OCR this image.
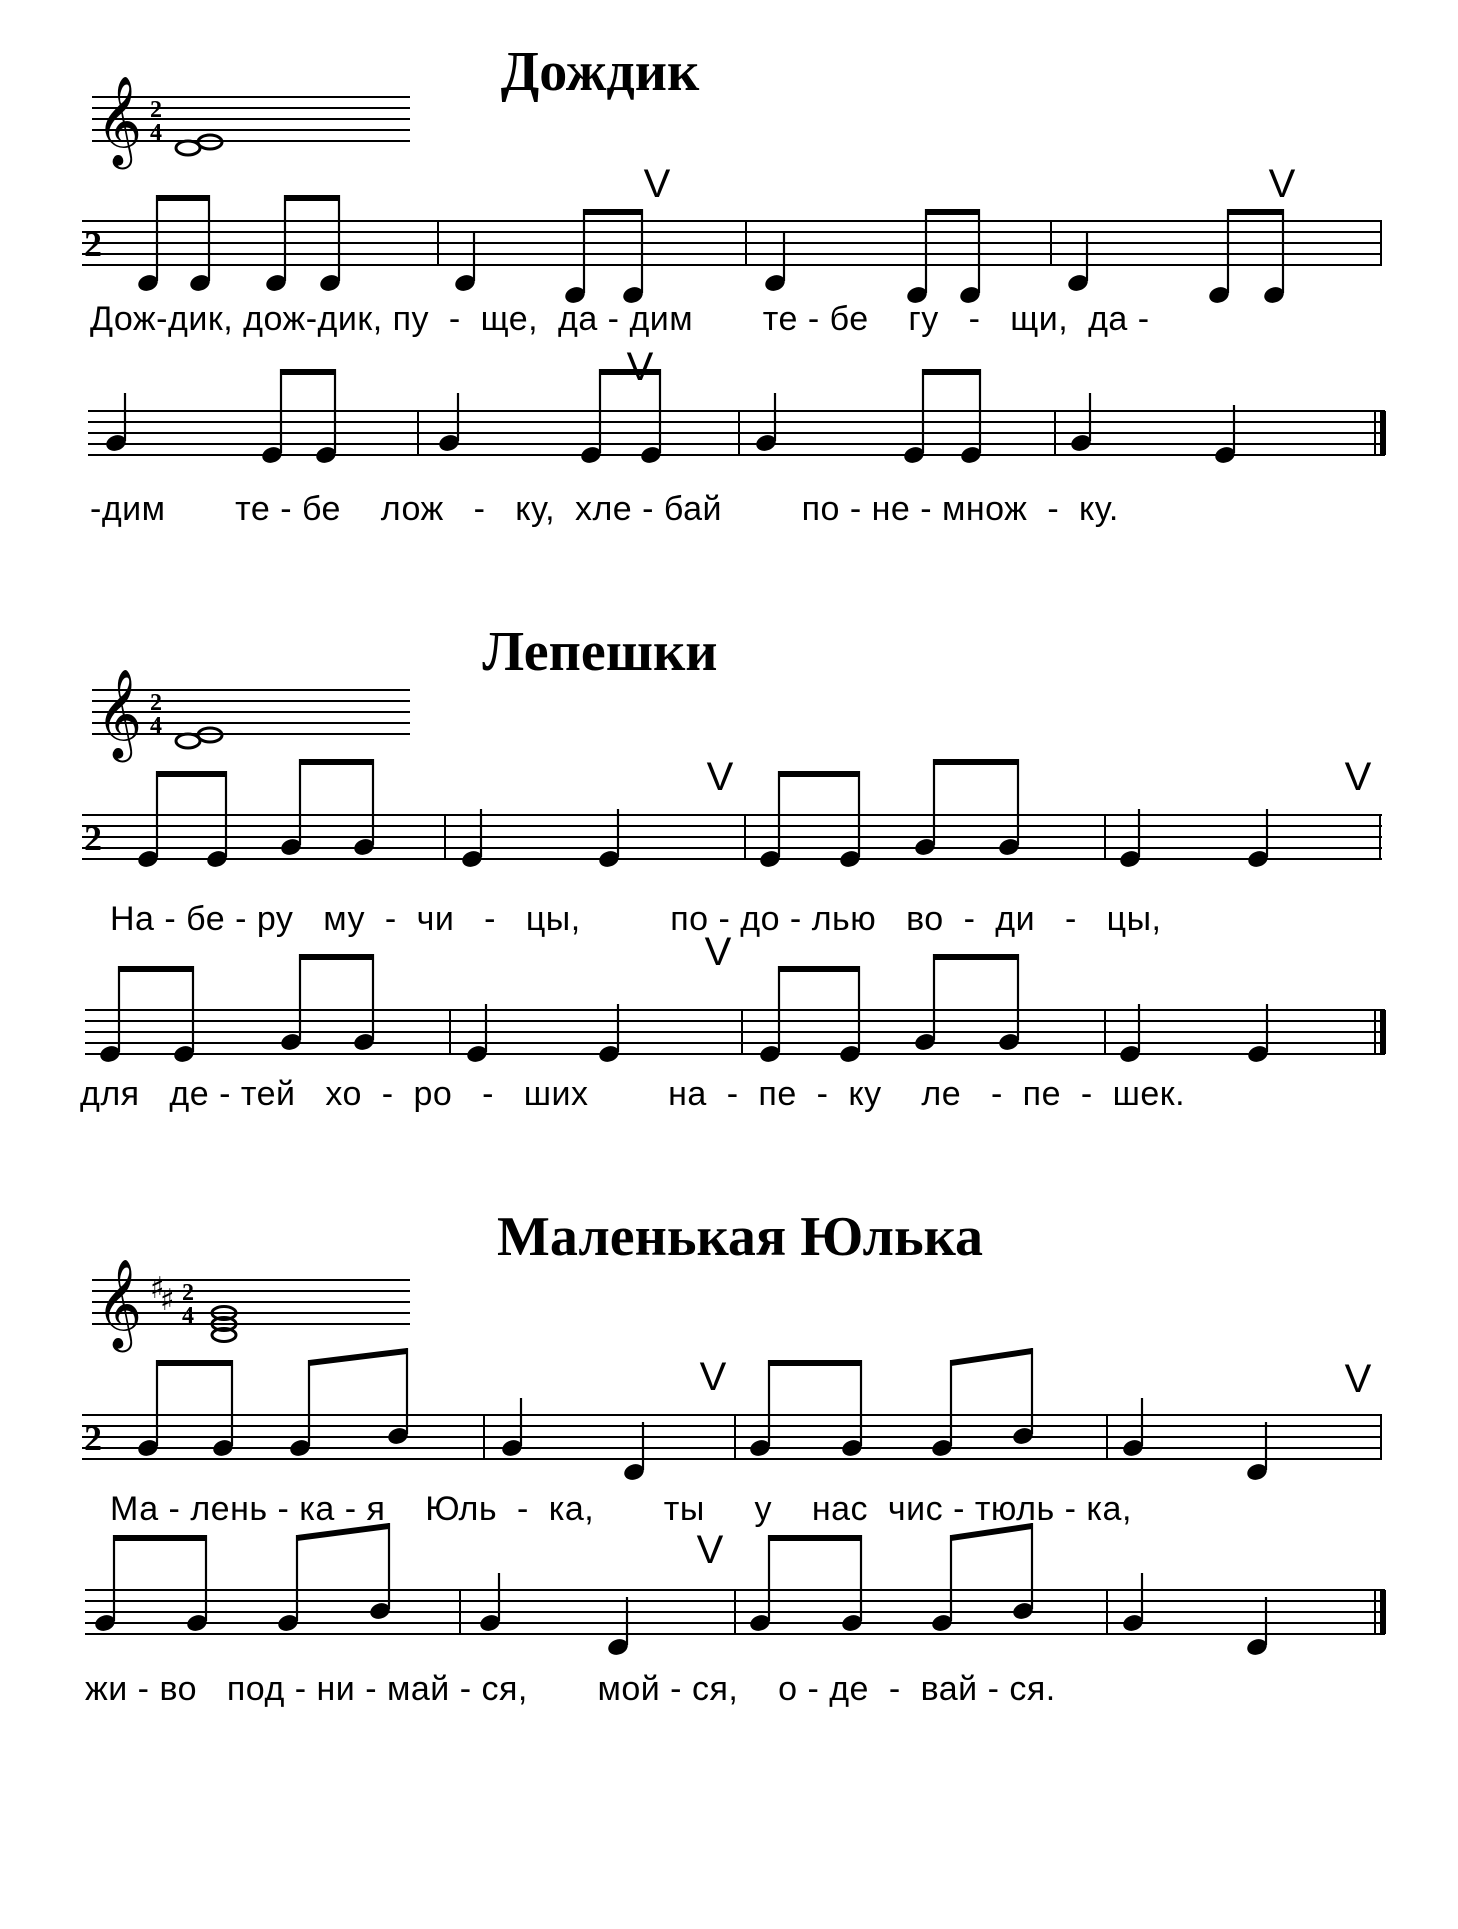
Дождик

Дож-дик, дож-дик, пу  -  ще,  да - дим       те - бе    гу   -   щи,  да -

-дим       те - бе    лож   -   ку,  хле - бай        по - не - множ  -  ку.

Лепешки

На - бе - ру   му  -  чи   -   цы,         по - до - лью   во  -  ди   -   цы,

для   де - тей   хо  -  ро   -   ших        на  -  пе  -  ку    ле   -  пе  -  шек.

Маленькая Юлька

Ма - лень - ка - я    Юль  -  ка,       ты     у    нас  чис - тюль - ка,

жи - во   под - ни - май - ся,       мой - ся,    о - де  -  вай - ся.

𝄞 2
4
2
V	V
V
𝄞 2
4
2
V	V
V
𝄞 ♯
♯ 2
4
2
V	V
V
